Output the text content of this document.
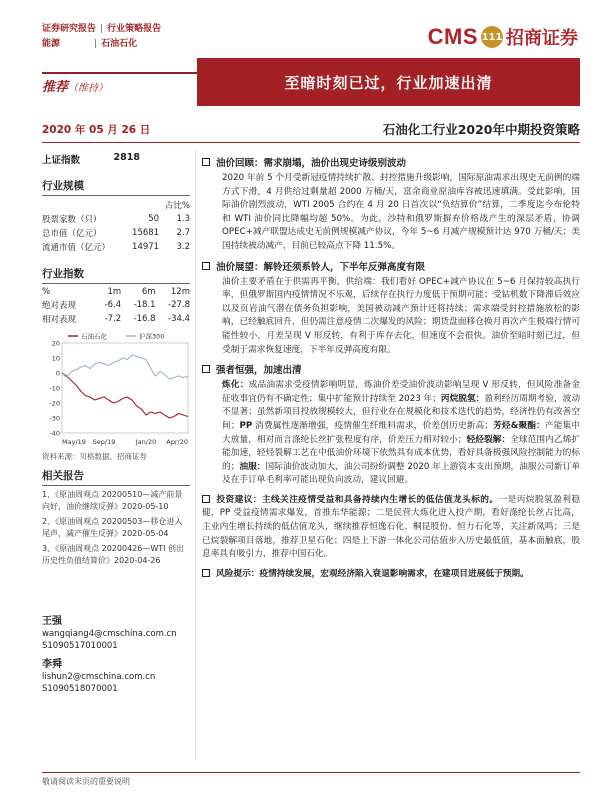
证券研究报告 | 行业策略报告
能源	| 石油石化	CMS 111 招商证券
推荐（维持）	至暗时刻已过，行业加速出清
2020 年 05 月 26 日	石油化工行业2020年中期投资策略
上证指数	2818
行业规模
		占比%
股票家数（只）	50	1.3
总市值（亿元）	15681	2.7
流通市值（亿元）	14971	3.2
行业指数
%	1m	6m	12m
绝对表现	-6.4	-18.1	-27.8
相对表现	-7.2	-16.8	-34.4
20
10
0
-10
-20
-30
-40
石油石化	沪深300
May/19 Sep/19	Jan/20 Apr/20
资料来源：贝格数据、招商证券
相关报告
1、《原油周观点 20200510—减产前景向好，油价继续反弹》2020-05-10
2、《原油周观点 20200503—移仓进入尾声，减产催生反弹》2020-05-04
3、《原油周观点 20200426—WTI 创出历史性负值结算价》2020-04-26
王强
wangqiang4@cmschina.com.cn
S1090517010001
李舜
lishun2@cmschina.com.cn
S1090518070001
油价回顾：需求崩塌，油价出现史诗级别波动
2020 年前 5 个月受新冠疫情持续扩散、封控措施升级影响，国际原油需求出现史无前例的端方式下滑，4 月供给过剩量超 2000 万桶/天，富余商业原油库容被迅速填满。受此影响，国际油价剧烈波动，WTI 2005 合约在 4 月 20 日首次以“负结算价”结算，二季度迄今布伦特和 WTI 油价同比降幅均超 50%。为此，沙特和俄罗斯摒弃价格战产生的深层矛盾，协调 OPEC+减产联盟达成史无前例规模减产协议，今年 5~6 月减产规模预计达 970 万桶/天；美国持续被动减产，目前已较高点下降 11.5%。
油价展望：解铃还须系铃人，下半年反弹高度有限
油价主要矛盾在于供需再平衡，供给端：我们看好 OPEC+减产协议在 5~6 月保持较高执行率，但俄罗斯国内疫情情况不乐观，后续存在执行力度低于预期可能；受钻机数下降滞后效应以及页岩油气潜在债务负担影响，美国被动减产预计还将持续；需求端受封控措施放松的影响，已经触底回升，但仍需注意疫情二次爆发的风险；期货盘面移仓换月再次产生极端行情可能性较小，月差呈现 V 形反转，有利于库存去化，但速度不会很快。油价至暗时刻已过，但受制于需求恢复速度，下半年反弹高度有限。
强者恒强，加速出清
炼化：成品油需求受疫情影响明显，炼油价差受油价波动影响呈现 V 形反转，但风险准备金征收事宜仍有不确定性；集中扩能预计持续至 2023 年；丙烷脱氢：盈利经历周期考验，波动不显著；虽然新项目投放规模较大，但行业存在规模化和技术迭代的趋势，经济性仍有改善空间；PP 消费属性逐渐增强，疫情催生纤维料需求，价差创历史新高；芳烃&聚酯：产能集中大放量，相对而言涤纶长丝扩张程度有序，价差压力相对较小；轻烃裂解：全球范围内乙烯扩能加速，轻烃裂解工艺在中低油价环境下依然具有成本优势，看好具备极强风险控制能力的标的；油服：国际油价波动加大，油公司纷纷调整 2020 年上游资本支出预期，油服公司新订单及在手订单毛利率可能出现负向波动，建议回避。
投资建议：主线关注疫情受益和具备持续内生增长的低估值龙头标的。一是丙烷脱氢盈利稳健，PP 受益疫情需求爆发，首推东华能源；二是民营大炼化进入投产期，看好涤纶长丝占比高，主业内生增长持续的低估值龙头，继续推荐恒逸石化、桐昆股份、恒力石化等，关注新凤鸣；三是已烷裂解项目落地，推荐卫星石化；四是上下游一体化公司估值步入历史最低值，基本面触底，股息率具有吸引力，推荐中国石化。
风险提示：疫情持续发展，宏观经济陷入衰退影响需求，在建项目进展低于预期。
敬请阅读末页的重要说明
